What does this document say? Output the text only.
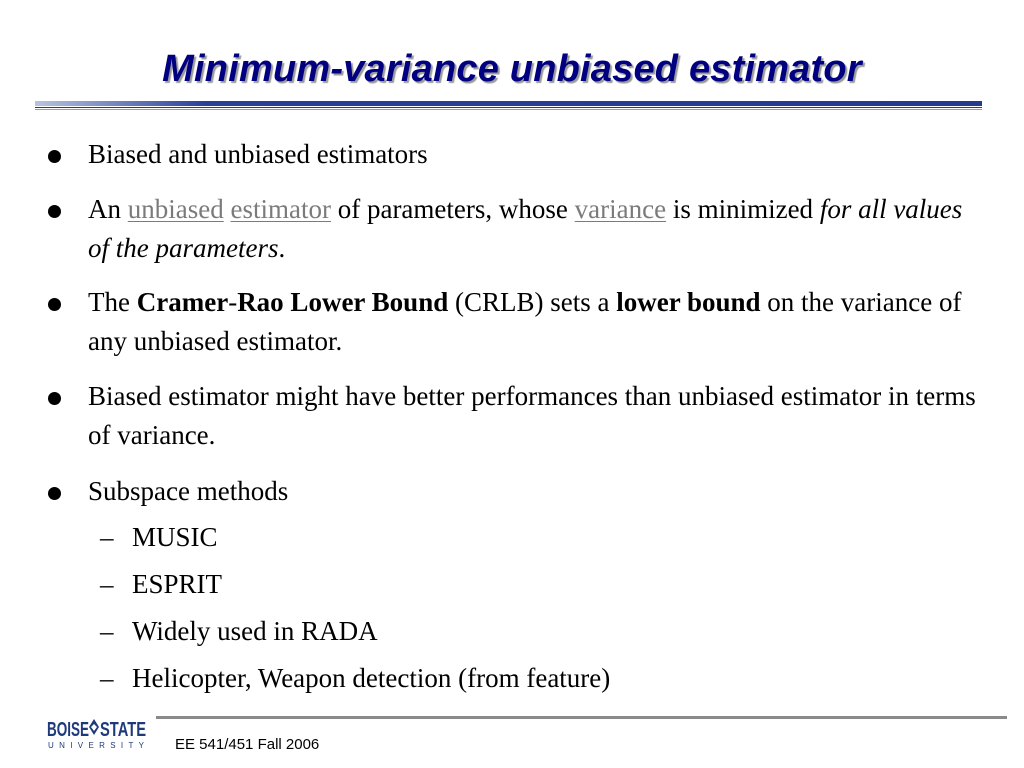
Minimum-variance unbiased estimator
Biased and unbiased estimators
An unbiased estimator of parameters, whose variance is minimized for all values of the parameters.
The Cramer-Rao Lower Bound (CRLB) sets a lower bound on the variance of any unbiased estimator.
Biased estimator might have better performances than unbiased estimator in terms of variance.
Subspace methods
– MUSIC
– ESPRIT
– Widely used in RADA
– Helicopter, Weapon detection (from feature)
BOISE STATE
UNIVERSITY EE 541/451 Fall 2006
